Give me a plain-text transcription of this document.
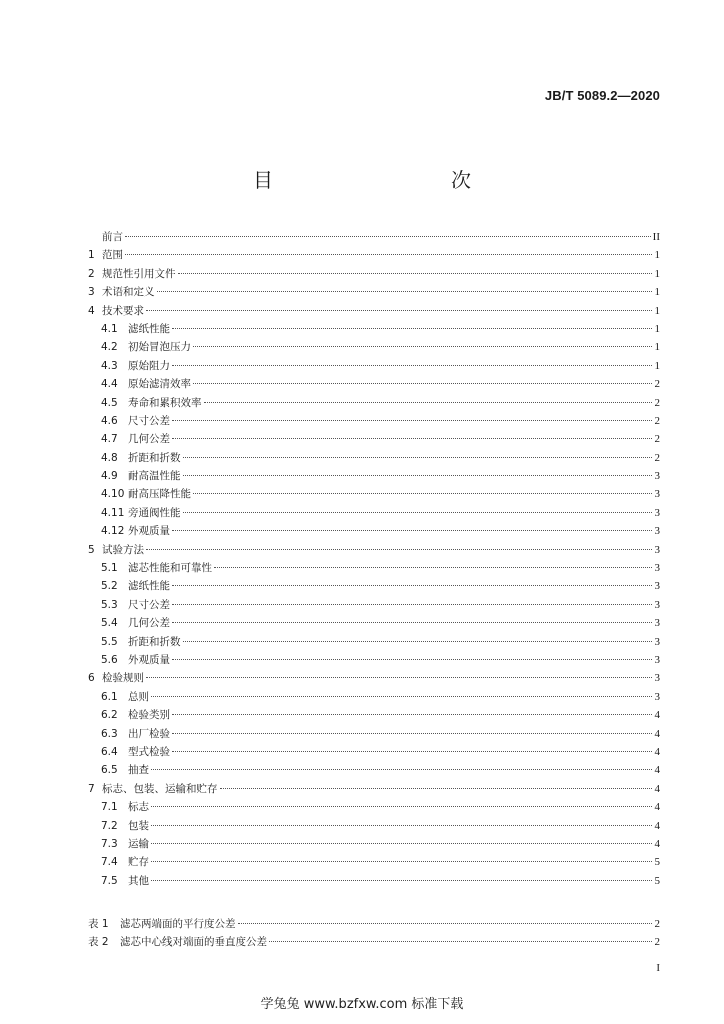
JB/T 5089.2—2020
目　　次
前言	II
1 范围	1
2 规范性引用文件	1
3 术语和定义	1
4 技术要求	1
4.1 滤纸性能	1
4.2 初始冒泡压力	1
4.3 原始阻力	1
4.4 原始滤清效率	2
4.5 寿命和累积效率	2
4.6 尺寸公差	2
4.7 几何公差	2
4.8 折距和折数	2
4.9 耐高温性能	3
4.10 耐高压降性能	3
4.11 旁通阀性能	3
4.12 外观质量	3
5 试验方法	3
5.1 滤芯性能和可靠性	3
5.2 滤纸性能	3
5.3 尺寸公差	3
5.4 几何公差	3
5.5 折距和折数	3
5.6 外观质量	3
6 检验规则	3
6.1 总则	3
6.2 检验类别	4
6.3 出厂检验	4
6.4 型式检验	4
6.5 抽查	4
7 标志、包装、运输和贮存	4
7.1 标志	4
7.2 包装	4
7.3 运输	4
7.4 贮存	5
7.5 其他	5
表 1	滤芯两端面的平行度公差	2
表 2	滤芯中心线对端面的垂直度公差	2
I
学兔兔 www.bzfxw.com 标准下载
